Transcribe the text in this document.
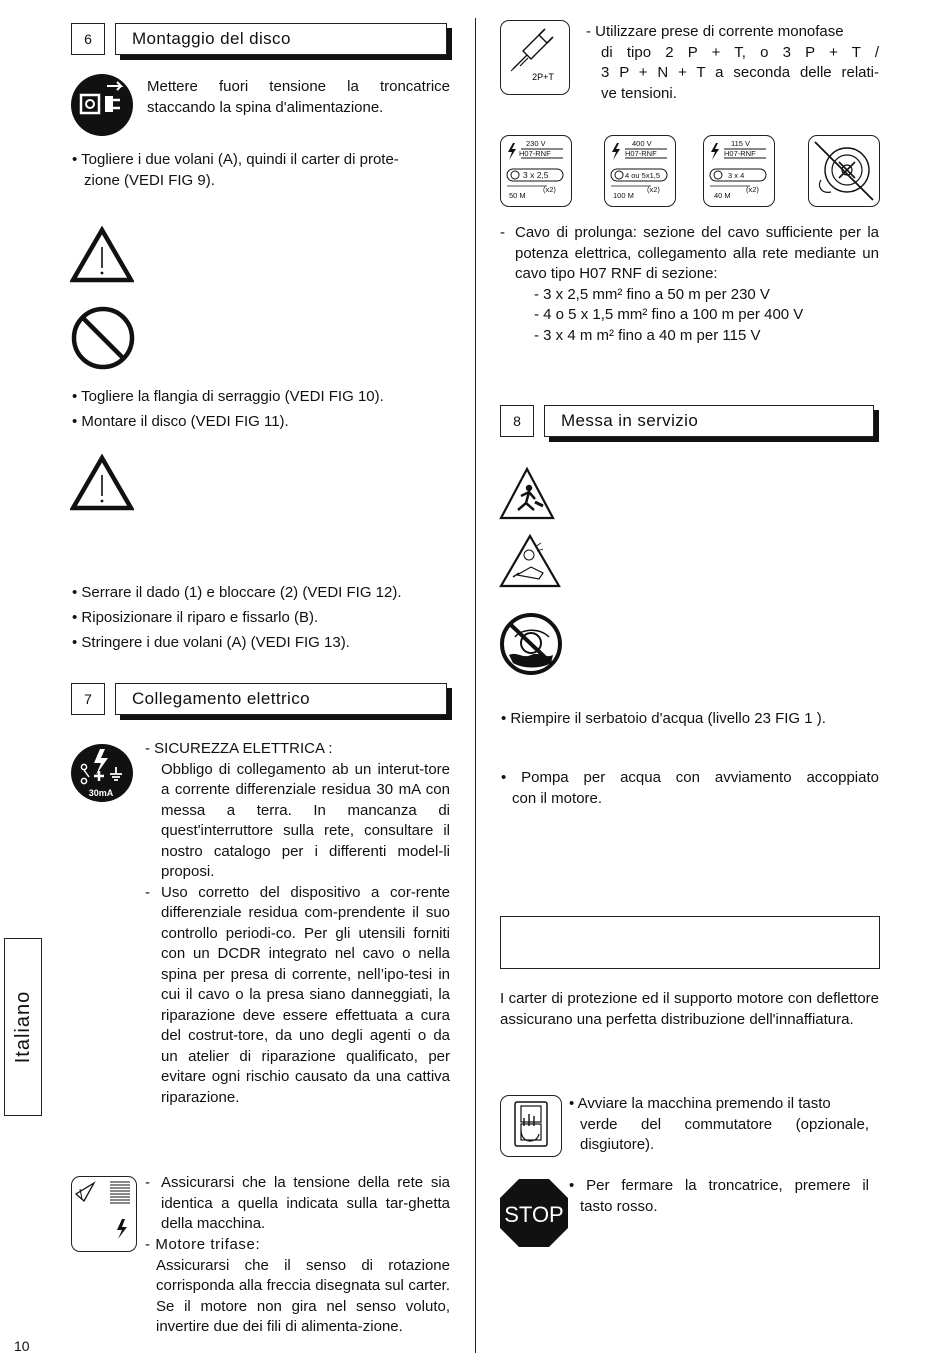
6	Montaggio del disco
Mettere fuori tensione la troncatrice
staccando la spina d'alimentazione.
• Togliere i due volani (A), quindi il carter di prote-
zione (VEDI FIG 9).
• Togliere la flangia di serraggio (VEDI FIG 10).
• Montare il disco (VEDI FIG 11).
• Serrare il dado (1) e bloccare (2) (VEDI FIG 12).
• Riposizionare il riparo e fissarlo (B).
• Stringere i due volani (A) (VEDI FIG 13).
7	Collegamento elettrico
30mA
- SICUREZZA ELETTRICA :
Obbligo di collegamento ab un interut-tore a corrente differenziale residua 30 mA con messa a terra. In mancanza di quest'interruttore sulla rete, consultare il nostro catalogo per i differenti model-li proposi.
- Uso corretto del dispositivo a cor-rente differenziale residua com-prendente il suo controllo periodi-co. Per gli utensili forniti con un DCDR integrato nel cavo o nella spina per presa di corrente, nell’ipo-tesi in cui il cavo o la presa siano danneggiati, la riparazione deve essere effettuata a cura del costrut-tore, da uno degli agenti o da un atelier di riparazione qualificato, per evitare ogni rischio causato da una cattiva riparazione.
- Assicurarsi che la tensione della rete sia identica a quella indicata sulla tar-ghetta della macchina.
- Motore trifase:
Assicurarsi che il senso di rotazione corrisponda alla freccia disegnata sul carter. Se il motore non gira nel senso voluto, invertire due dei fili di alimenta-zione.
Italiano
10
2P+T
- Utilizzare prese di corrente monofase
di tipo 2 P + T, o 3 P + T /
3 P + N + T a seconda delle relati-
ve tensioni.
230 V
H07-RNF
3 x 2,5
(x2)
50 M
400 V
H07-RNF
4 ou 5x1,5
(x2)
100 M
115 V
H07-RNF
3 x 4
(x2)
40 M
- Cavo di prolunga: sezione del cavo sufficiente per la potenza elettrica, collegamento alla rete mediante un cavo tipo H07 RNF di sezione:
- 3 x 2,5 mm² fino a 50 m per 230 V
- 4 o 5 x 1,5 mm² fino a 100 m per 400 V
- 3 x 4 m m² fino a 40 m per 115 V
8	Messa in servizio
• Riempire il serbatoio d'acqua (livello 23 FIG 1 ).
• Pompa per acqua con avviamento accoppiato
con il motore.
I carter di protezione ed il supporto motore con deflettore assicurano una perfetta distribuzione dell'innaffiatura.
• Avviare la macchina premendo il tasto
verde del commutatore (opzionale,
disgiutore).
STOP
• Per fermare la troncatrice, premere il
tasto rosso.
